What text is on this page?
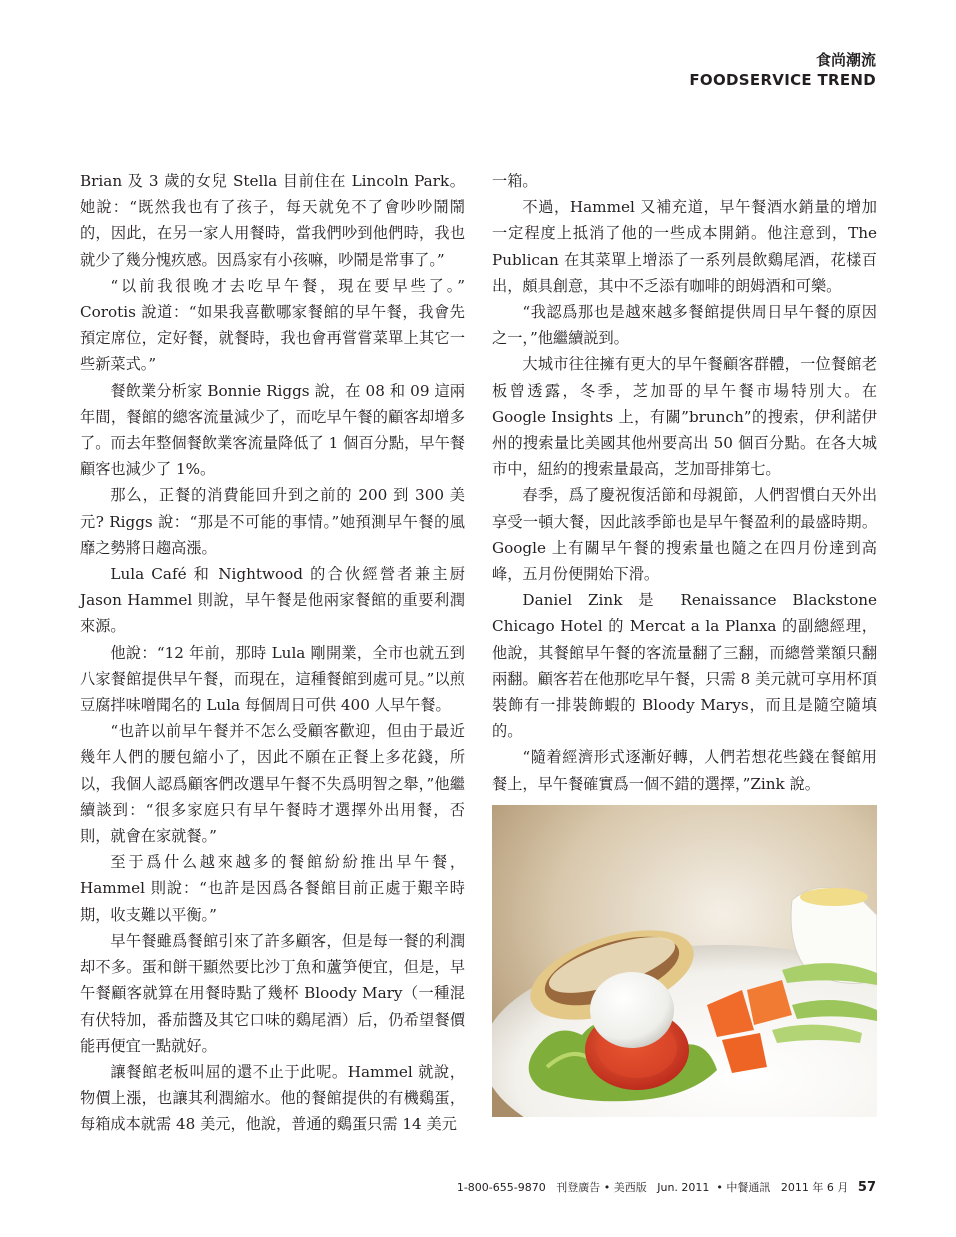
食尚潮流
FOODSERVICE TREND

Brian 及 3 歲的女兒 Stella 目前住在 Lincoln Park。她說：“既然我也有了孩子，每天就免不了會吵吵鬧鬧的，因此，在另一家人用餐時，當我們吵到他們時，我也就少了幾分愧疚感。因爲家有小孩嘛，吵鬧是常事了。”

“以前我很晚才去吃早午餐，現在要早些了。” Corotis 說道：“如果我喜歡哪家餐館的早午餐，我會先預定席位，定好餐，就餐時，我也會再嘗嘗菜單上其它一些新菜式。”

餐飲業分析家 Bonnie Riggs 說，在 08 和 09 這兩年間，餐館的總客流量減少了，而吃早午餐的顧客却增多了。而去年整個餐飲業客流量降低了 1 個百分點，早午餐顧客也減少了 1%。

那么，正餐的消費能回升到之前的 200 到 300 美元? Riggs 說：“那是不可能的事情。”她預測早午餐的風靡之勢將日趨高漲。

Lula Café 和 Nightwood 的合伙經營者兼主厨 Jason Hammel 則說，早午餐是他兩家餐館的重要利潤來源。

他說：“12 年前，那時 Lula 剛開業，全市也就五到八家餐館提供早午餐，而現在，這種餐館到處可見。”以煎豆腐拌味噌聞名的 Lula 每個周日可供 400 人早午餐。

“也許以前早午餐并不怎么受顧客歡迎，但由于最近幾年人們的腰包縮小了，因此不願在正餐上多花錢，所以，我個人認爲顧客們改選早午餐不失爲明智之舉，”他繼續談到：“很多家庭只有早午餐時才選擇外出用餐，否則，就會在家就餐。”

至于爲什么越來越多的餐館紛紛推出早午餐，Hammel 則說：“也許是因爲各餐館目前正處于艱辛時期，收支難以平衡。”

早午餐雖爲餐館引來了許多顧客，但是每一餐的利潤却不多。蛋和餅干顯然要比沙丁魚和蘆笋便宜，但是，早午餐顧客就算在用餐時點了幾杯 Bloody Mary（一種混有伏特加，番茄醬及其它口味的鷄尾酒）后，仍希望餐價能再便宜一點就好。

讓餐館老板叫屈的還不止于此呢。Hammel 就說，物價上漲，也讓其利潤縮水。他的餐館提供的有機鷄蛋，每箱成本就需 48 美元，他說，普通的鷄蛋只需 14 美元

一箱。

不過，Hammel 又補充道，早午餐酒水銷量的增加一定程度上抵消了他的一些成本開銷。他注意到，The Publican 在其菜單上增添了一系列晨飲鷄尾酒，花樣百出，頗具創意，其中不乏添有咖啡的朗姆酒和可樂。

“我認爲那也是越來越多餐館提供周日早午餐的原因之一，”他繼續説到。

大城市往往擁有更大的早午餐顧客群體，一位餐館老板曾透露，冬季，芝加哥的早午餐市場特別大。在 Google Insights 上，有關”brunch”的搜索，伊利諾伊州的搜索量比美國其他州要高出 50 個百分點。在各大城市中，紐約的搜索量最高，芝加哥排第七。

春季，爲了慶祝復活節和母親節，人們習慣白天外出享受一頓大餐，因此該季節也是早午餐盈利的最盛時期。Google 上有關早午餐的搜索量也隨之在四月份達到高峰，五月份便開始下滑。

Daniel Zink 是 Renaissance Blackstone Chicago Hotel 的 Mercat a la Planxa 的副總經理，他說，其餐館早午餐的客流量翻了三翻，而總營業額只翻兩翻。顧客若在他那吃早午餐，只需 8 美元就可享用杯頂裝飾有一排裝飾蝦的 Bloody Marys，而且是隨空隨填的。

“隨着經濟形式逐漸好轉，人們若想花些錢在餐館用餐上，早午餐確實爲一個不錯的選擇，”Zink 說。

1-800-655-9870 刊登廣告 • 美西版 Jun. 2011 • 中餐通訊 2011 年 6 月 57
